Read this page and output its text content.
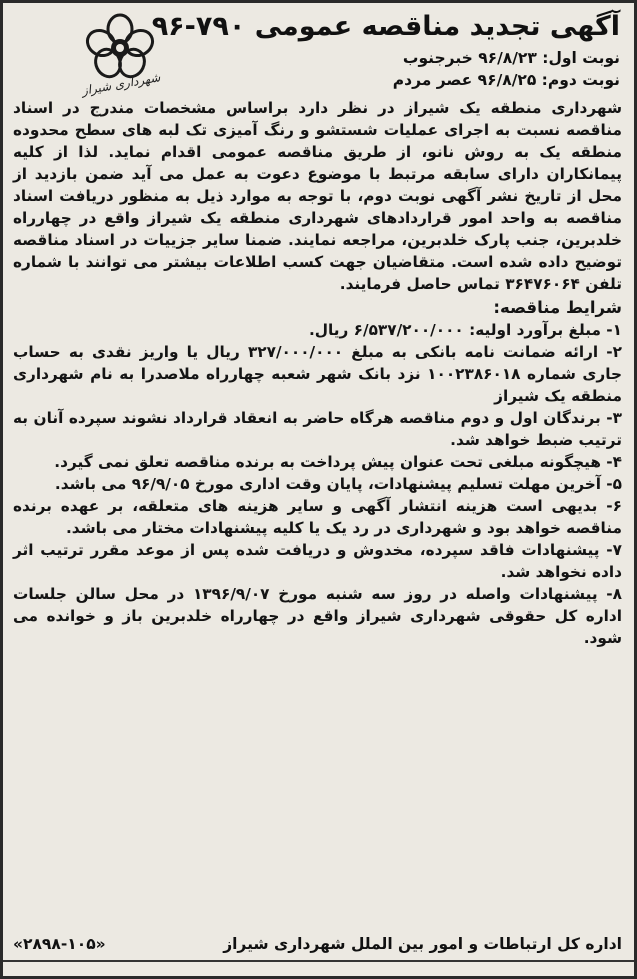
شهرداری شیراز
آگهی تجدید مناقصه عمومی ۷۹۰-۹۶
نوبت اول: ۹۶/۸/۲۳ خبرجنوب
نوبت دوم: ۹۶/۸/۲۵ عصر مردم

شهرداری منطقه یک شیراز در نظر دارد براساس مشخصات مندرج در اسناد مناقصه نسبت به اجرای عملیات شستشو و رنگ آمیزی تک لبه های سطح محدوده منطقه یک به روش نانو، از طریق مناقصه عمومی اقدام نماید. لذا از کلیه پیمانکاران دارای سابقه مرتبط با موضوع دعوت به عمل می آید ضمن بازدید از محل از تاریخ نشر آگهی نوبت دوم، با توجه به موارد ذیل به منظور دریافت اسناد مناقصه به واحد امور قراردادهای شهرداری منطقه یک شیراز واقع در چهارراه خلدبرین، جنب پارک خلدبرین، مراجعه نمایند. ضمنا سایر جزییات در اسناد مناقصه توضیح داده شده است. متقاضیان جهت کسب اطلاعات بیشتر می توانند با شماره تلفن ۳۶۴۷۶۰۶۴ تماس حاصل فرمایند.

شرایط مناقصه:
۱- مبلغ برآورد اولیه: ۶/۵۳۷/۲۰۰/۰۰۰ ریال.
۲- ارائه ضمانت نامه بانکی به مبلغ ۳۲۷/۰۰۰/۰۰۰ ریال یا واریز نقدی به حساب جاری شماره ۱۰۰۲۳۸۶۰۱۸ نزد بانک شهر شعبه چهارراه ملاصدرا به نام شهرداری منطقه یک شیراز
۳- برندگان اول و دوم مناقصه هرگاه حاضر به انعقاد قرارداد نشوند سپرده آنان به ترتیب ضبط خواهد شد.
۴- هیچگونه مبلغی تحت عنوان پیش پرداخت به برنده مناقصه تعلق نمی گیرد.
۵- آخرین مهلت تسلیم پیشنهادات، پایان وقت اداری مورخ ۹۶/۹/۰۵ می باشد.
۶- بدیهی است هزینه انتشار آگهی و سایر هزینه های متعلقه، بر عهده برنده مناقصه خواهد بود و شهرداری در رد یک یا کلیه پیشنهادات مختار می باشد.
۷- پیشنهادات فاقد سپرده، مخدوش و دریافت شده پس از موعد مقرر ترتیب اثر داده نخواهد شد.
۸- پیشنهادات واصله در روز سه شنبه مورخ ۱۳۹۶/۹/۰۷ در محل سالن جلسات اداره کل حقوقی شهرداری شیراز واقع در چهارراه خلدبرین باز و خوانده می شود.
اداره کل ارتباطات و امور بین الملل شهرداری شیراز
«۲۸۹۸-۱۰۵»
